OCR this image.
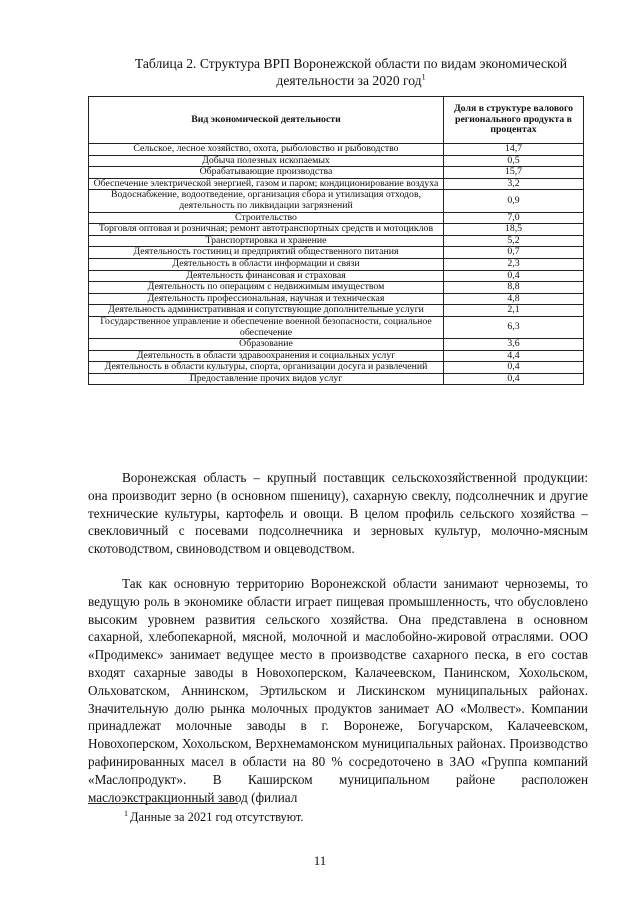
Таблица 2. Структура ВРП Воронежской области по видам экономической
деятельности за 2020 год$^1$
Вид экономической деятельности	Доля в структуре валового регионального продукта в процентах
Сельское, лесное хозяйство, охота, рыболовство и рыбоводство	14,7
Добыча полезных ископаемых	0,5
Обрабатывающие производства	15,7
Обеспечение электрической энергией, газом и паром; кондиционирование воздуха	3,2
Водоснабжение, водоотведение, организация сбора и утилизация отходов, деятельность по ликвидации загрязнений	0,9
Строительство	7,0
Торговля оптовая и розничная; ремонт автотранспортных средств и мотоциклов	18,5
Транспортировка и хранение	5,2
Деятельность гостиниц и предприятий общественного питания	0,7
Деятельность в области информации и связи	2,3
Деятельность финансовая и страховая	0,4
Деятельность по операциям с недвижимым имуществом	8,8
Деятельность профессиональная, научная и техническая	4,8
Деятельность административная и сопутствующие дополнительные услуги	2,1
Государственное управление и обеспечение военной безопасности, социальное обеспечение	6,3
Образование	3,6
Деятельность в области здравоохранения и социальных услуг	4,4
Деятельность в области культуры, спорта, организации досуга и развлечений	0,4
Предоставление прочих видов услуг	0,4
Воронежская область – крупный поставщик сельскохозяйственной продукции: она производит зерно (в основном пшеницу), сахарную свеклу, подсолнечник и другие технические культуры, картофель и овощи. В целом профиль сельского хозяйства – свекловичный с посевами подсолнечника и зерновых культур, молочно-мясным скотоводством, свиноводством и овцеводством.
Так как основную территорию Воронежской области занимают черноземы, то ведущую роль в экономике области играет пищевая промышленность, что обусловлено высоким уровнем развития сельского хозяйства. Она представлена в основном сахарной, хлебопекарной, мясной, молочной и маслобойно-жировой отраслями. ООО «Продимекс» занимает ведущее место в производстве сахарного песка, в его состав входят сахарные заводы в Новохоперском, Калачеевском, Панинском, Хохольском, Ольховатском, Аннинском, Эртильском и Лискинском муниципальных районах. Значительную долю рынка молочных продуктов занимает АО «Молвест». Компании принадлежат молочные заводы в г. Воронеже, Богучарском, Калачеевском, Новохоперском, Хохольском, Верхнемамонском муниципальных районах. Производство рафинированных масел в области на 80 % сосредоточено в ЗАО «Группа компаний «Маслопродукт». В Каширском муниципальном районе расположен маслоэкстракционный завод (филиал
$^1$ Данные за 2021 год отсутствуют.
11
